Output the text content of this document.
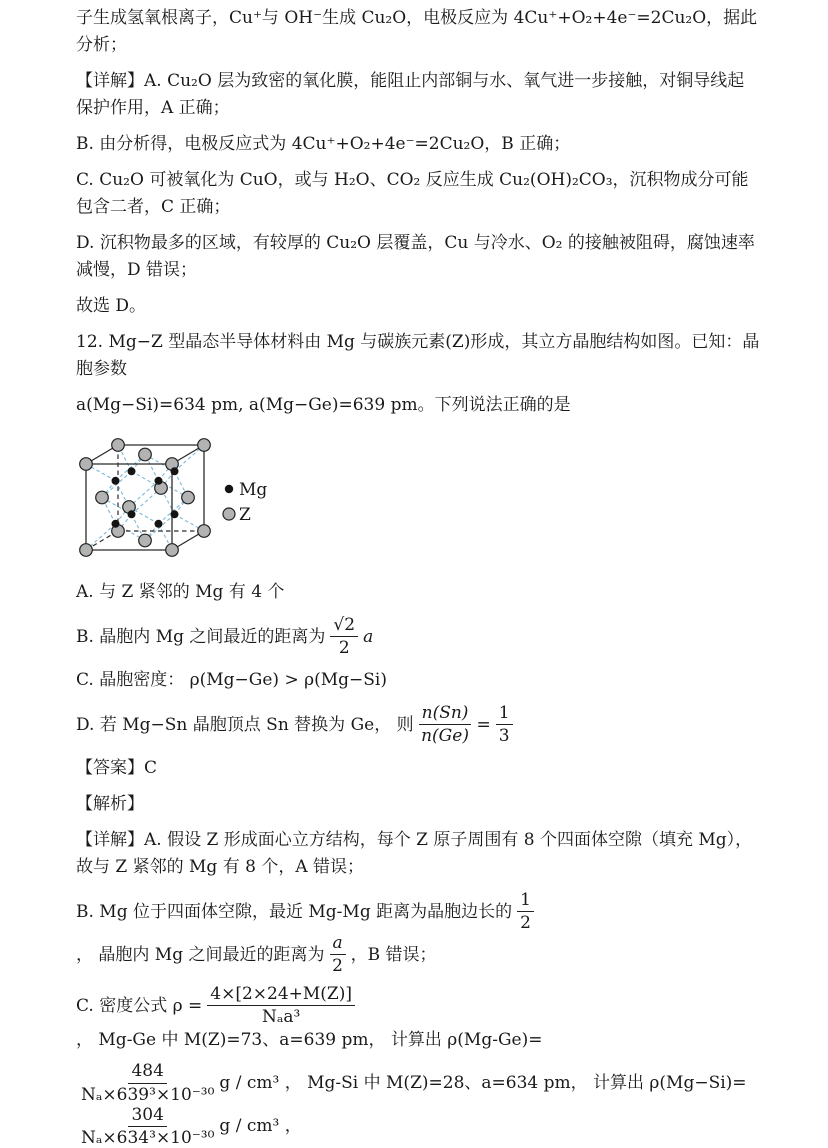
子生成氢氧根离子，Cu⁺与 OH⁻生成 Cu₂O，电极反应为 4Cu⁺+O₂+4e⁻=2Cu₂O，据此分析；

【详解】A. Cu₂O 层为致密的氧化膜，能阻止内部铜与水、氧气进一步接触，对铜导线起保护作用，A 正确；

B. 由分析得，电极反应式为 4Cu⁺+O₂+4e⁻=2Cu₂O，B 正确；

C. Cu₂O 可被氧化为 CuO，或与 H₂O、CO₂ 反应生成 Cu₂(OH)₂CO₃，沉积物成分可能包含二者，C 正确；

D. 沉积物最多的区域，有较厚的 Cu₂O 层覆盖，Cu 与冷水、O₂ 的接触被阻碍，腐蚀速率减慢，D 错误；

故选 D。

12. Mg−Z 型晶态半导体材料由 Mg 与碳族元素(Z)形成，其立方晶胞结构如图。已知：晶胞参数

a(Mg−Si)=634 pm, a(Mg−Ge)=639 pm。下列说法正确的是

Mg
Z

A. 与 Z 紧邻的 Mg 有 4 个

B. 晶胞内 Mg 之间最近的距离为 $\frac{√2}{2}$ a

C. 晶胞密度： ρ(Mg−Ge) > ρ(Mg−Si)

D. 若 Mg−Sn 晶胞顶点 Sn 替换为 Ge， 则 $\frac{n(Sn)}{n(Ge)} = \frac{1}{3}$

【答案】C

【解析】

【详解】A. 假设 Z 形成面心立方结构，每个 Z 原子周围有 8 个四面体空隙（填充 Mg），故与 Z 紧邻的 Mg 有 8 个，A 错误；

B. Mg 位于四面体空隙，最近 Mg-Mg 距离为晶胞边长的 $\frac{1}{2}$
， 晶胞内 Mg 之间最近的距离为 $\frac{a}{2}$ ，B 错误；
C. 密度公式 $\rho = \frac{4\times[2\times 24+M(Z)]}{\text{Nₐa³}}$
， Mg-Ge 中 M(Z)=73、a=639 pm， 计算出 ρ(Mg-Ge)=
$\frac{484}{\text{Nₐ×639³×10⁻³⁰}}$ g / cm³ ， Mg-Si 中 M(Z)=28、a=634 pm， 计算出 ρ(Mg−Si)=
$\frac{304}{\text{Nₐ×634³×10⁻³⁰}}$ g / cm³ ，
